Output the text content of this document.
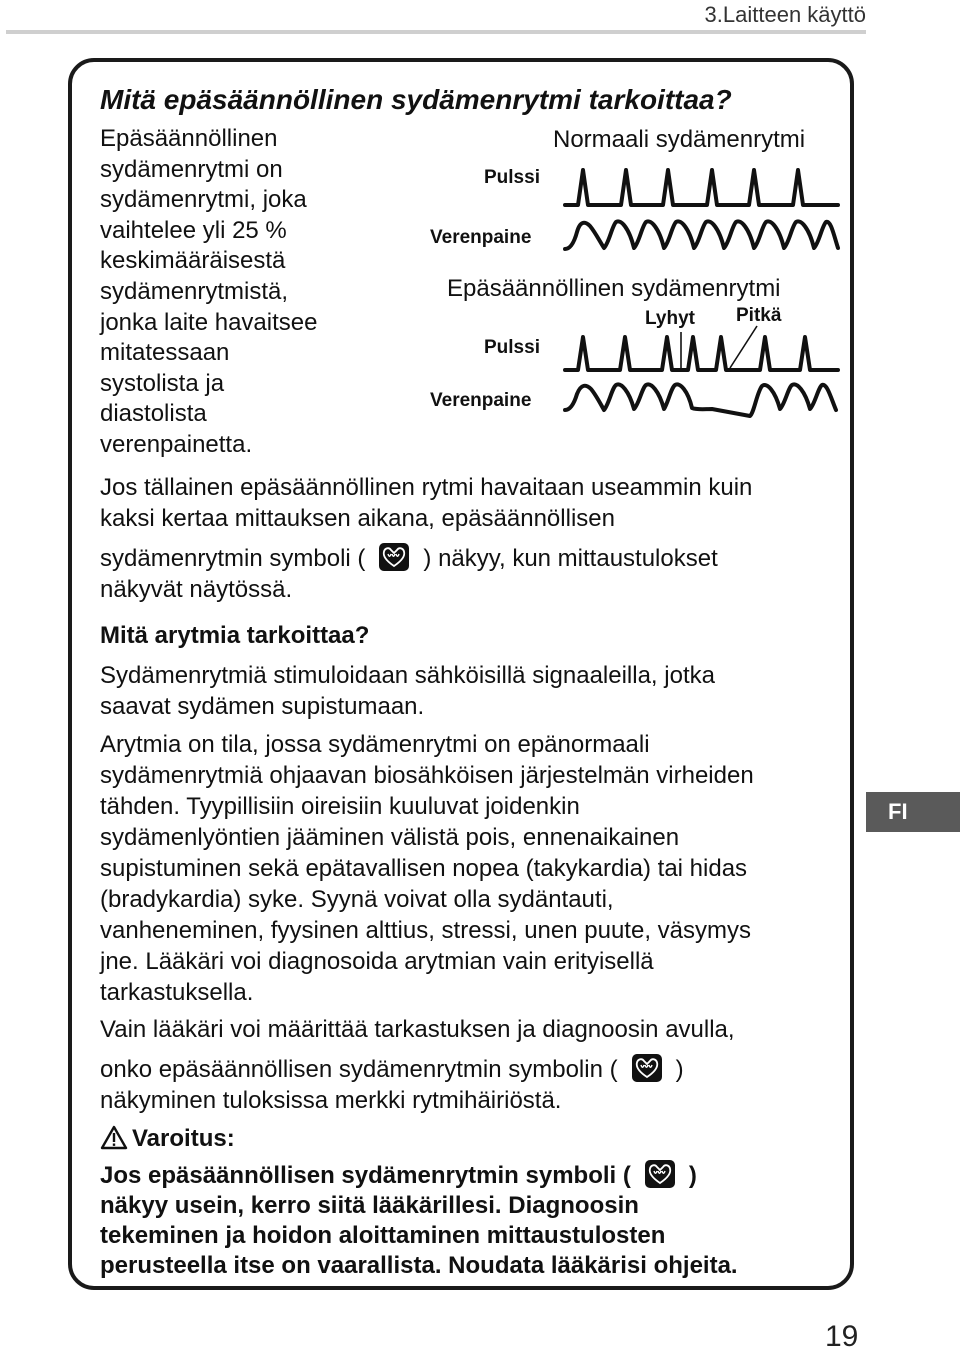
3.Laitteen käyttö
Mitä epäsäännöllinen sydämenrytmi tarkoittaa?
Epäsäännöllinen
sydämenrytmi on
sydämenrytmi, joka
vaihtelee yli 25 %
keskimääräisestä
sydämenrytmistä,
jonka laite havaitsee
mitatessaan
systolista ja
diastolista
verenpainetta.
Normaali sydämenrytmi
Pulssi
Verenpaine
Epäsäännöllinen sydämenrytmi
Lyhyt Pitkä
Pulssi
Verenpaine
Jos tällainen epäsäännöllinen rytmi havaitaan useammin kuin
kaksi kertaa mittauksen aikana, epäsäännöllisen
sydämenrytmin symboli ( ) näkyy, kun mittaustulokset
näkyvät näytössä.
Mitä arytmia tarkoittaa?
Sydämenrytmiä stimuloidaan sähköisillä signaaleilla, jotka
saavat sydämen supistumaan.
Arytmia on tila, jossa sydämenrytmi on epänormaali
sydämenrytmiä ohjaavan biosähköisen järjestelmän virheiden
tähden. Tyypillisiin oireisiin kuuluvat joidenkin
sydämenlyöntien jääminen välistä pois, ennenaikainen
supistuminen sekä epätavallisen nopea (takykardia) tai hidas
(bradykardia) syke. Syynä voivat olla sydäntauti,
vanheneminen, fyysinen alttius, stressi, unen puute, väsymys
jne. Lääkäri voi diagnosoida arytmian vain erityisellä
tarkastuksella.
Vain lääkäri voi määrittää tarkastuksen ja diagnoosin avulla,
onko epäsäännöllisen sydämenrytmin symbolin ( )
näkyminen tuloksissa merkki rytmihäiriöstä.
Varoitus:
Jos epäsäännöllisen sydämenrytmin symboli ( )
näkyy usein, kerro siitä lääkärillesi. Diagnoosin
tekeminen ja hoidon aloittaminen mittaustulosten
perusteella itse on vaarallista. Noudata lääkärisi ohjeita.
FI
19
